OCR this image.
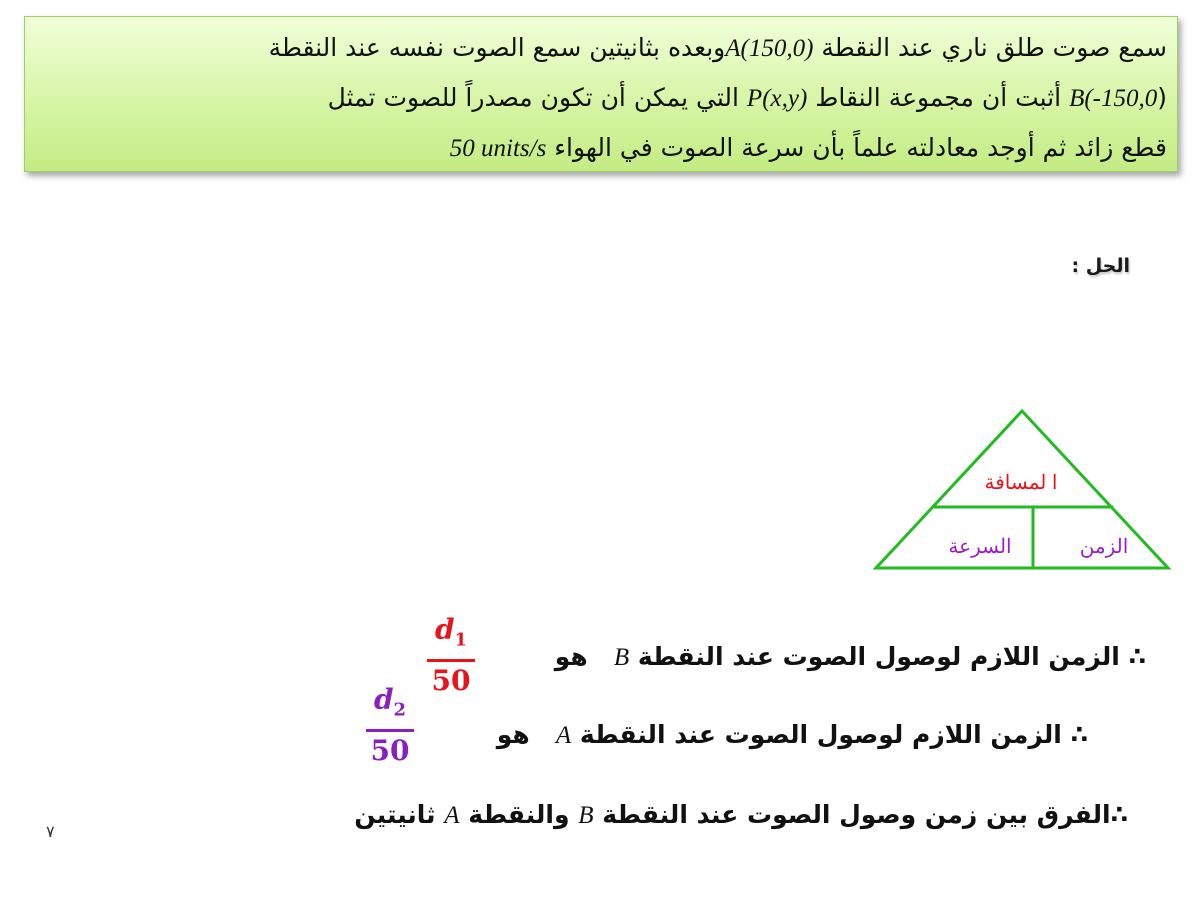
سمع صوت طلق ناري عند النقطة A(150,0)وبعده بثانيتين سمع الصوت نفسه عند النقطة
(B(-150,0 أثبت أن مجموعة النقاط P(x,y) التي يمكن أن تكون مصدراً للصوت تمثل
قطع زائد ثم أوجد معادلته علماً بأن سرعة الصوت في الهواء 50 units/s
الحل :
ا لمسافة
السرعة	الزمن
∴ الزمن اللازم لوصول الصوت عند النقطة B   هو
$d_1$
50
∴ الزمن اللازم لوصول الصوت عند النقطة A   هو
$d_2$
50
∴الفرق بين زمن وصول الصوت عند النقطة B والنقطة A ثانيتين
٧
